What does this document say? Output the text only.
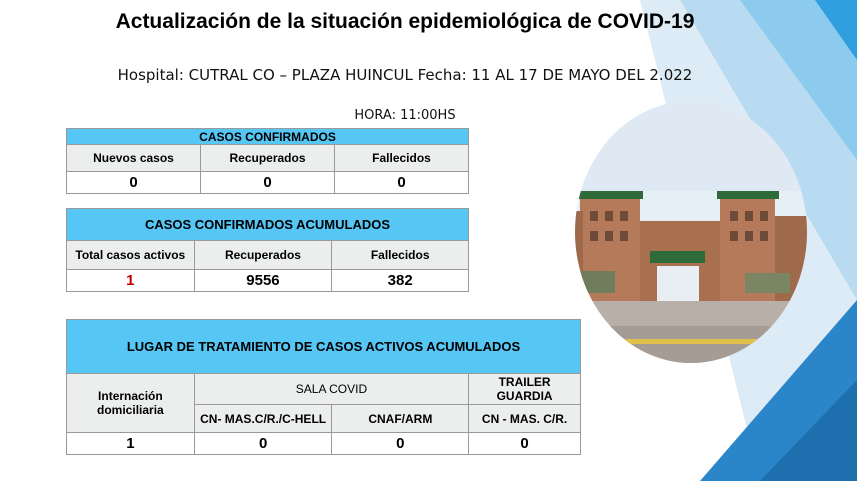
Actualización de la situación epidemiológica de COVID-19
Hospital: CUTRAL CO – PLAZA HUINCUL Fecha: 11 AL 17 DE MAYO DEL 2.022
HORA: 11:00HS
CASOS CONFIRMADOS		
Nuevos casos	Recuperados	Fallecidos
0	0	0
CASOS CONFIRMADOS ACUMULADOS		
Total casos activos	Recuperados	Fallecidos
1	9556	382
LUGAR DE TRATAMIENTO DE CASOS ACTIVOS ACUMULADOS			
Internación domiciliaria	SALA COVID		TRAILER GUARDIA
	CN- MAS.C/R./C-HELL	CNAF/ARM	CN - MAS. C/R.
1	0	0	0
